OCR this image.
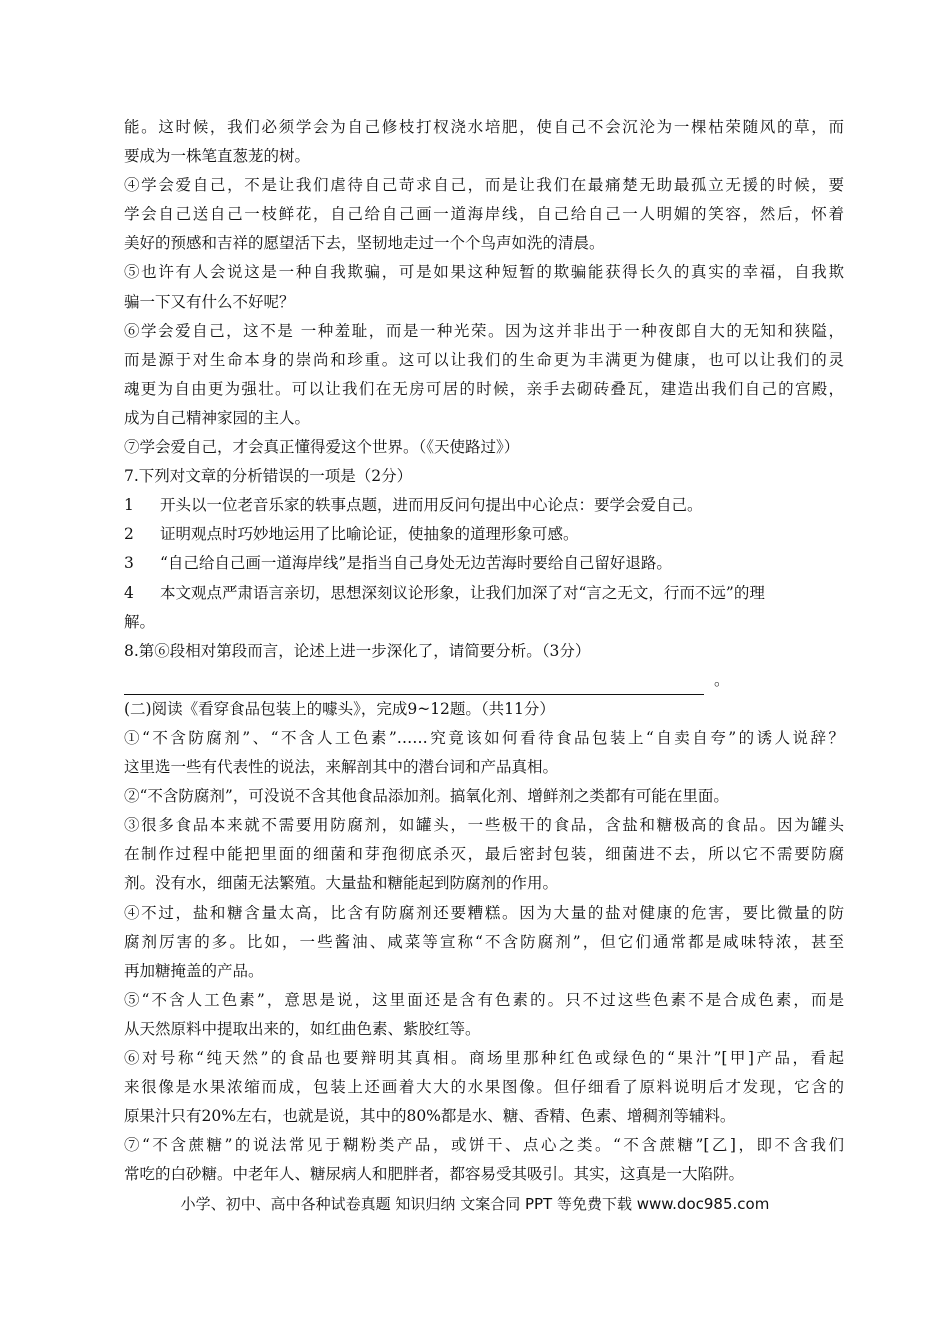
能。这时候，我们必须学会为自己修枝打杈浇水培肥，使自己不会沉沦为一棵枯荣随风的草，而
要成为一株笔直葱茏的树。
④学会爱自己，不是让我们虐待自己苛求自己，而是让我们在最痛楚无助最孤立无援的时候，要
学会自己送自己一枝鲜花，自己给自己画一道海岸线，自己给自己一人明媚的笑容，然后，怀着
美好的预感和吉祥的愿望活下去，坚韧地走过一个个鸟声如洗的清晨。
⑤也许有人会说这是一种自我欺骗，可是如果这种短暂的欺骗能获得长久的真实的幸福，自我欺
骗一下又有什么不好呢？
⑥学会爱自己，这不是 一种羞耻，而是一种光荣。因为这并非出于一种夜郎自大的无知和狭隘，
而是源于对生命本身的崇尚和珍重。这可以让我们的生命更为丰满更为健康，也可以让我们的灵
魂更为自由更为强壮。可以让我们在无房可居的时候，亲手去砌砖叠瓦，建造出我们自己的宫殿，
成为自己精神家园的主人。
⑦学会爱自己，才会真正懂得爱这个世界。（《天使路过》）
7.下列对文章的分析错误的一项是（2分）
1	开头以一位老音乐家的轶事点题，进而用反问句提出中心论点：要学会爱自己。
2	证明观点时巧妙地运用了比喻论证，使抽象的道理形象可感。
3	“自己给自己画一道海岸线”是指当自己身处无边苦海时要给自己留好退路。
4	本文观点严肃语言亲切，思想深刻议论形象，让我们加深了对“言之无文，行而不远”的理
解。
8.第⑥段相对第段而言，论述上进一步深化了，请简要分析。（3分）
。
(二)阅读《看穿食品包装上的噱头》，完成9~12题。（共11分）
①“不含防腐剂”、“不含人工色素”……究竟该如何看待食品包装上“自卖自夸”的诱人说辞？
这里选一些有代表性的说法，来解剖其中的潜台词和产品真相。
②“不含防腐剂”，可没说不含其他食品添加剂。搞氧化剂、增鲜剂之类都有可能在里面。
③很多食品本来就不需要用防腐剂，如罐头，一些极干的食品，含盐和糖极高的食品。因为罐头
在制作过程中能把里面的细菌和芽孢彻底杀灭，最后密封包装，细菌进不去，所以它不需要防腐
剂。没有水，细菌无法繁殖。大量盐和糖能起到防腐剂的作用。
④不过，盐和糖含量太高，比含有防腐剂还要糟糕。因为大量的盐对健康的危害，要比微量的防
腐剂厉害的多。比如，一些酱油、咸菜等宣称“不含防腐剂”，但它们通常都是咸味特浓，甚至
再加糖掩盖的产品。
⑤“不含人工色素”，意思是说，这里面还是含有色素的。只不过这些色素不是合成色素，而是
从天然原料中提取出来的，如红曲色素、紫胶红等。
⑥对号称“纯天然”的食品也要辩明其真相。商场里那种红色或绿色的“果汁”[甲]产品，看起
来很像是水果浓缩而成，包装上还画着大大的水果图像。但仔细看了原料说明后才发现，它含的
原果汁只有20%左右，也就是说，其中的80%都是水、糖、香精、色素、增稠剂等辅料。
⑦“不含蔗糖”的说法常见于糊粉类产品，或饼干、点心之类。“不含蔗糖”[乙]，即不含我们
常吃的白砂糖。中老年人、糖尿病人和肥胖者，都容易受其吸引。其实，这真是一大陷阱。
小学、初中、高中各种试卷真题 知识归纳 文案合同 PPT 等免费下载 www.doc985.com
